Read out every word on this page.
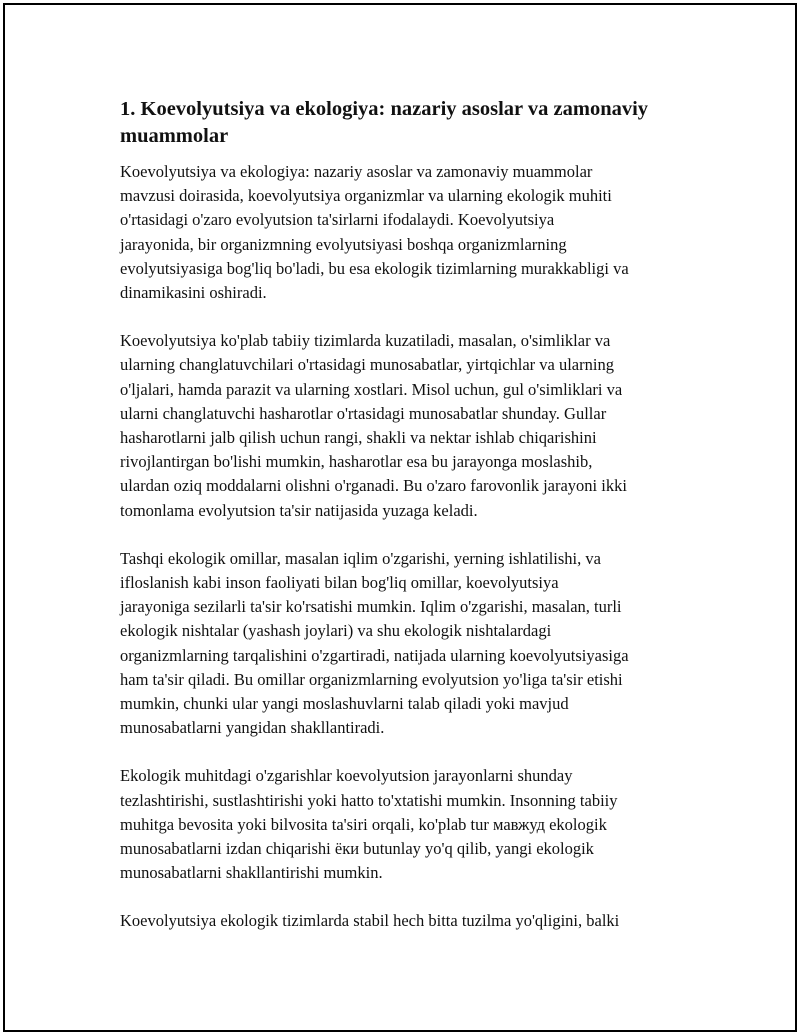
1. Koevolyutsiya va ekologiya: nazariy asoslar va zamonaviy muammolar

Koevolyutsiya va ekologiya: nazariy asoslar va zamonaviy muammolar
mavzusi doirasida, koevolyutsiya organizmlar va ularning ekologik muhiti
o'rtasidagi o'zaro evolyutsion ta'sirlarni ifodalaydi. Koevolyutsiya
jarayonida, bir organizmning evolyutsiyasi boshqa organizmlarning
evolyutsiyasiga bog'liq bo'ladi, bu esa ekologik tizimlarning murakkabligi va
dinamikasini oshiradi.

Koevolyutsiya ko'plab tabiiy tizimlarda kuzatiladi, masalan, o'simliklar va
ularning changlatuvchilari o'rtasidagi munosabatlar, yirtqichlar va ularning
o'ljalari, hamda parazit va ularning xostlari. Misol uchun, gul o'simliklari va
ularni changlatuvchi hasharotlar o'rtasidagi munosabatlar shunday. Gullar
hasharotlarni jalb qilish uchun rangi, shakli va nektar ishlab chiqarishini
rivojlantirgan bo'lishi mumkin, hasharotlar esa bu jarayonga moslashib,
ulardan oziq moddalarni olishni o'rganadi. Bu o'zaro farovonlik jarayoni ikki
tomonlama evolyutsion ta'sir natijasida yuzaga keladi.

Tashqi ekologik omillar, masalan iqlim o'zgarishi, yerning ishlatilishi, va
ifloslanish kabi inson faoliyati bilan bog'liq omillar, koevolyutsiya
jarayoniga sezilarli ta'sir ko'rsatishi mumkin. Iqlim o'zgarishi, masalan, turli
ekologik nishtalar (yashash joylari) va shu ekologik nishtalardagi
organizmlarning tarqalishini o'zgartiradi, natijada ularning koevolyutsiyasiga
ham ta'sir qiladi. Bu omillar organizmlarning evolyutsion yo'liga ta'sir etishi
mumkin, chunki ular yangi moslashuvlarni talab qiladi yoki mavjud
munosabatlarni yangidan shakllantiradi.

Ekologik muhitdagi o'zgarishlar koevolyutsion jarayonlarni shunday
tezlashtirishi, sustlashtirishi yoki hatto to'xtatishi mumkin. Insonning tabiiy
muhitga bevosita yoki bilvosita ta'siri orqali, ko'plab tur мавжуд ekologik
munosabatlarni izdan chiqarishi ёки butunlay yo'q qilib, yangi ekologik
munosabatlarni shakllantirishi mumkin.

Koevolyutsiya ekologik tizimlarda stabil hech bitta tuzilma yo'qligini, balki
